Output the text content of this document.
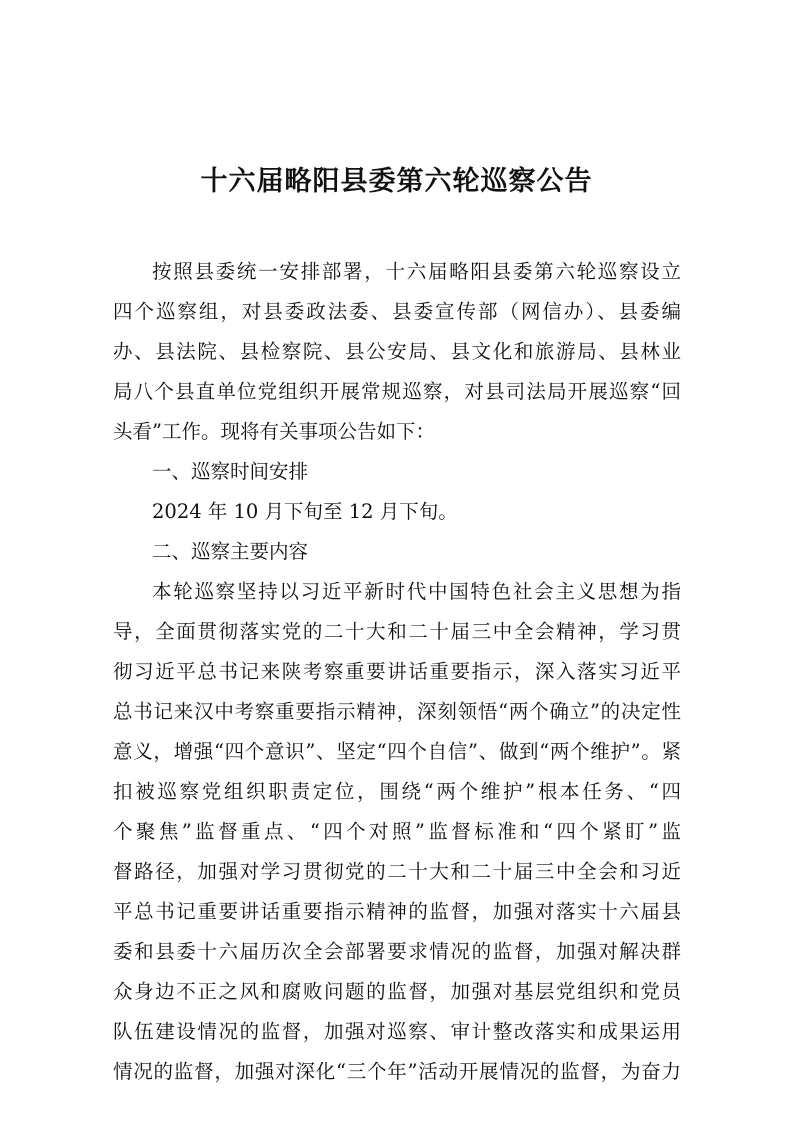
十六届略阳县委第六轮巡察公告
按照县委统一安排部署，十六届略阳县委第六轮巡察设立
四个巡察组，对县委政法委、县委宣传部（网信办）、县委编
办、县法院、县检察院、县公安局、县文化和旅游局、县林业
局八个县直单位党组织开展常规巡察，对县司法局开展巡察“回
头看”工作。现将有关事项公告如下：
一、巡察时间安排
2024 年 10 月下旬至 12 月下旬。
二、巡察主要内容
本轮巡察坚持以习近平新时代中国特色社会主义思想为指
导，全面贯彻落实党的二十大和二十届三中全会精神，学习贯
彻习近平总书记来陕考察重要讲话重要指示，深入落实习近平
总书记来汉中考察重要指示精神，深刻领悟“两个确立”的决定性
意义，增强“四个意识”、坚定“四个自信”、做到“两个维护”。紧
扣被巡察党组织职责定位，围绕“两个维护”根本任务、“四
个聚焦”监督重点、“四个对照”监督标准和“四个紧盯”监
督路径，加强对学习贯彻党的二十大和二十届三中全会和习近
平总书记重要讲话重要指示精神的监督，加强对落实十六届县
委和县委十六届历次全会部署要求情况的监督，加强对解决群
众身边不正之风和腐败问题的监督，加强对基层党组织和党员
队伍建设情况的监督，加强对巡察、审计整改落实和成果运用
情况的监督，加强对深化“三个年”活动开展情况的监督，为奋力
